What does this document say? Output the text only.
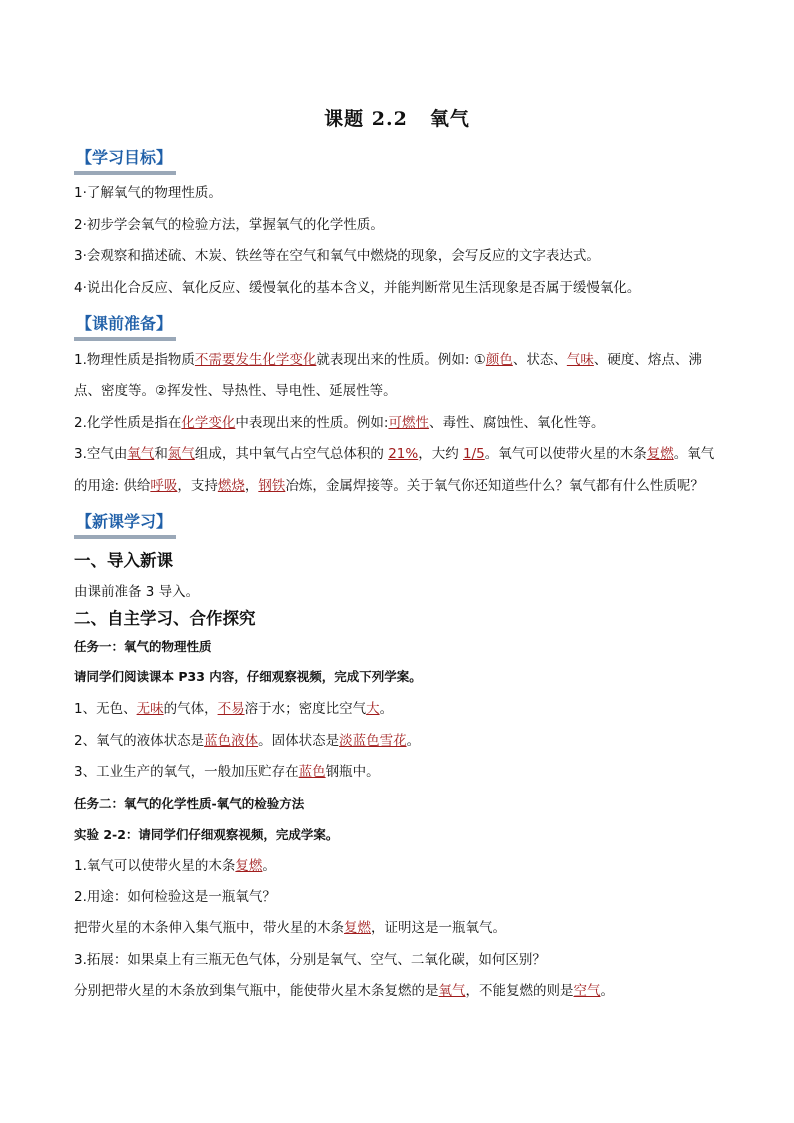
课题 2.2 氧气
【学习目标】
1·了解氧气的物理性质。
2·初步学会氧气的检验方法，掌握氧气的化学性质。
3·会观察和描述硫、木炭、铁丝等在空气和氧气中燃烧的现象，会写反应的文字表达式。
4·说出化合反应、氧化反应、缓慢氧化的基本含义，并能判断常见生活现象是否属于缓慢氧化。
【课前准备】
1.物理性质是指物质不需要发生化学变化就表现出来的性质。例如: ①颜色、状态、气味、硬度、熔点、沸
点、密度等。②挥发性、导热性、导电性、延展性等。
2.化学性质是指在化学变化中表现出来的性质。例如:可燃性、毒性、腐蚀性、氧化性等。
3.空气由氧气和氮气组成，其中氧气占空气总体积的 21%，大约 1/5。氧气可以使带火星的木条复燃。氧气
的用途: 供给呼吸，支持燃烧，钢铁冶炼，金属焊接等。关于氧气你还知道些什么？氧气都有什么性质呢？
【新课学习】
一、导入新课
由课前准备 3 导入。
二、自主学习、合作探究
任务一：氧气的物理性质
请同学们阅读课本 P33 内容，仔细观察视频，完成下列学案。
1、无色、无味的气体，不易溶于水；密度比空气大。
2、氧气的液体状态是蓝色液体。固体状态是淡蓝色雪花。
3、工业生产的氧气，一般加压贮存在蓝色钢瓶中。
任务二：氧气的化学性质-氧气的检验方法
实验 2-2：请同学们仔细观察视频，完成学案。
1.氧气可以使带火星的木条复燃。
2.用途：如何检验这是一瓶氧气？
把带火星的木条伸入集气瓶中，带火星的木条复燃，证明这是一瓶氧气。
3.拓展：如果桌上有三瓶无色气体，分别是氧气、空气、二氧化碳，如何区别？
分别把带火星的木条放到集气瓶中，能使带火星木条复燃的是氧气，不能复燃的则是空气。
